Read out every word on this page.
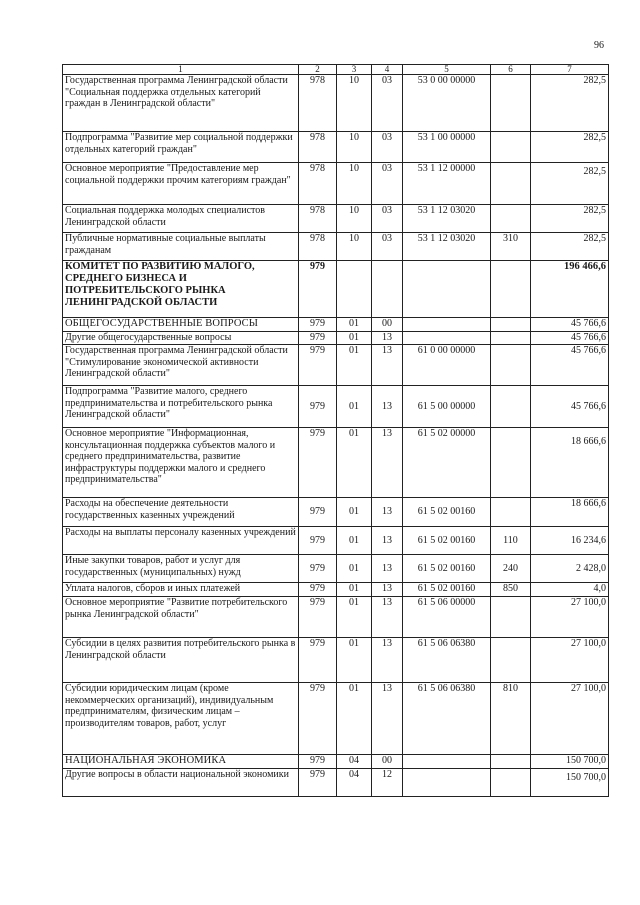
96
1	2	3	4	5	6	7
Государственная программа Ленинградской области "Социальная поддержка отдельных категорий граждан в Ленинградской области"	978	10	03	53 0 00 00000		282,5
Подпрограмма "Развитие мер социальной поддержки отдельных категорий граждан"	978	10	03	53 1 00 00000		282,5
Основное мероприятие "Предоставление мер социальной поддержки прочим категориям граждан"	978	10	03	53 1 12 00000		282,5
Социальная поддержка молодых специалистов Ленинградской области	978	10	03	53 1 12 03020		282,5
Публичные нормативные социальные выплаты гражданам	978	10	03	53 1 12 03020	310	282,5
КОМИТЕТ ПО РАЗВИТИЮ МАЛОГО, СРЕДНЕГО БИЗНЕСА И ПОТРЕБИТЕЛЬСКОГО РЫНКА ЛЕНИНГРАДСКОЙ ОБЛАСТИ	979					196 466,6
ОБЩЕГОСУДАРСТВЕННЫЕ ВОПРОСЫ	979	01	00			45 766,6
Другие общегосударственные вопросы	979	01	13			45 766,6
Государственная программа Ленинградской области "Стимулирование экономической активности Ленинградской области"	979	01	13	61 0 00 00000		45 766,6
Подпрограмма "Развитие малого, среднего предпринимательства и потребительского рынка Ленинградской области"	979	01	13	61 5 00 00000		45 766,6
Основное мероприятие "Информационная, консультационная поддержка субъектов малого и среднего предпринимательства, развитие инфраструктуры поддержки малого и среднего предпринимательства"	979	01	13	61 5 02 00000		18 666,6
Расходы на обеспечение деятельности государственных казенных учреждений	979	01	13	61 5 02 00160		18 666,6
Расходы на выплаты персоналу казенных учреждений	979	01	13	61 5 02 00160	110	16 234,6
Иные закупки товаров, работ и услуг для государственных (муниципальных) нужд	979	01	13	61 5 02 00160	240	2 428,0
Уплата налогов, сборов и иных платежей	979	01	13	61 5 02 00160	850	4,0
Основное мероприятие "Развитие потребительского рынка Ленинградской области"	979	01	13	61 5 06 00000		27 100,0
Субсидии в целях развития потребительского рынка в Ленинградской области	979	01	13	61 5 06 06380		27 100,0
Субсидии юридическим лицам (кроме некоммерческих организаций), индивидуальным предпринимателям, физическим лицам – производителям товаров, работ, услуг	979	01	13	61 5 06 06380	810	27 100,0
НАЦИОНАЛЬНАЯ ЭКОНОМИКА	979	04	00			150 700,0
Другие вопросы в области национальной экономики	979	04	12			150 700,0
